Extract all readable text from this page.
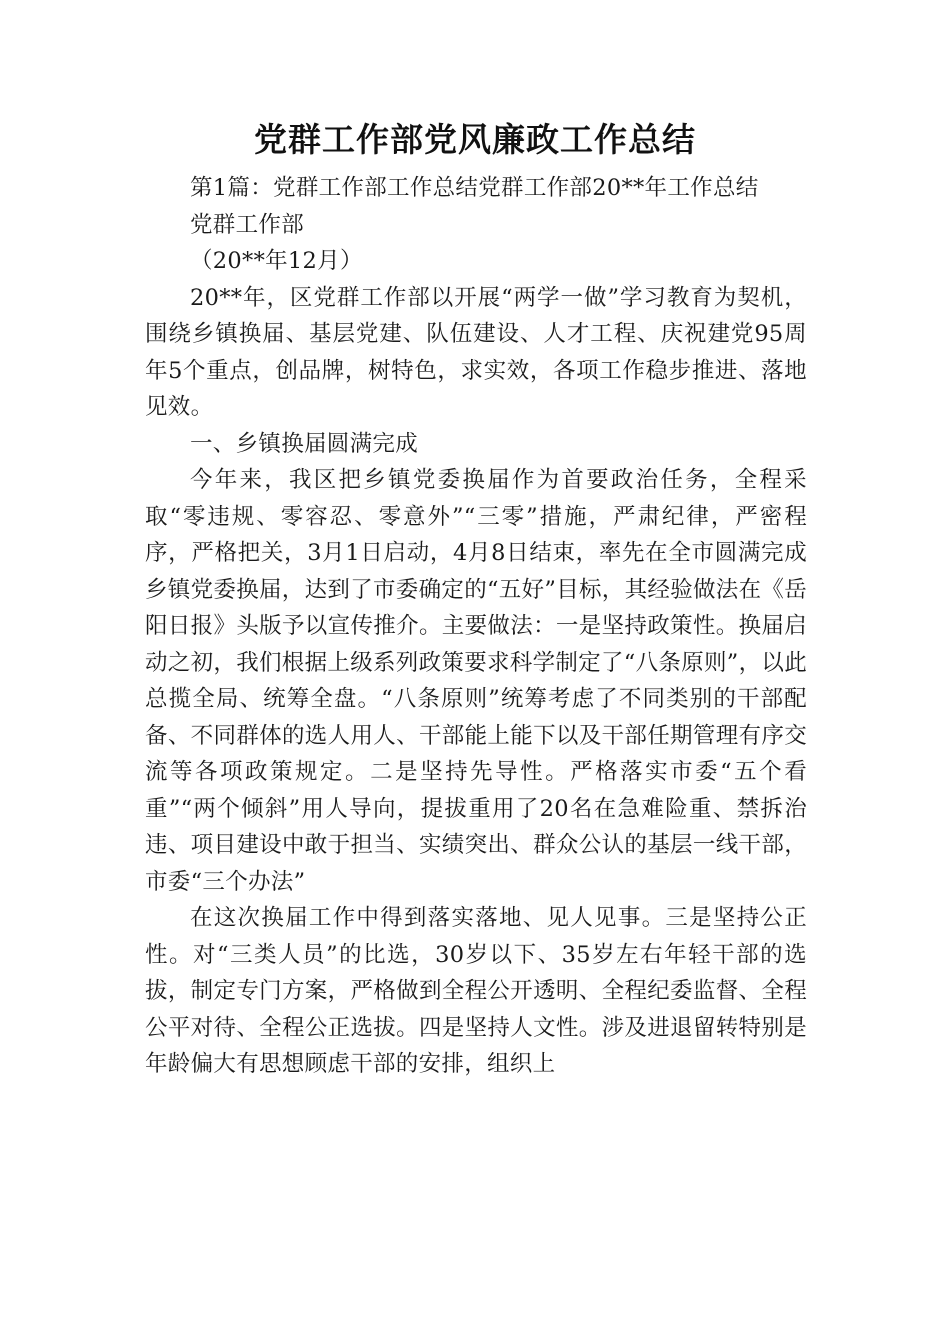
党群工作部党风廉政工作总结

第1篇：党群工作部工作总结党群工作部20**年工作总结

党群工作部

（20**年12月）

20**年，区党群工作部以开展“两学一做”学习教育为契机，围绕乡镇换届、基层党建、队伍建设、人才工程、庆祝建党95周年5个重点，创品牌，树特色，求实效，各项工作稳步推进、落地见效。

一、乡镇换届圆满完成

今年来，我区把乡镇党委换届作为首要政治任务，全程采取“零违规、零容忍、零意外”“三零”措施，严肃纪律，严密程序，严格把关，3月1日启动，4月8日结束，率先在全市圆满完成乡镇党委换届，达到了市委确定的“五好”目标，其经验做法在《岳阳日报》头版予以宣传推介。主要做法：一是坚持政策性。换届启动之初，我们根据上级系列政策要求科学制定了“八条原则”，以此总揽全局、统筹全盘。“八条原则”统筹考虑了不同类别的干部配备、不同群体的选人用人、干部能上能下以及干部任期管理有序交流等各项政策规定。二是坚持先导性。严格落实市委“五个看重”“两个倾斜”用人导向，提拔重用了20名在急难险重、禁拆治违、项目建设中敢于担当、实绩突出、群众公认的基层一线干部，市委“三个办法”

在这次换届工作中得到落实落地、见人见事。三是坚持公正性。对“三类人员”的比选，30岁以下、35岁左右年轻干部的选拔，制定专门方案，严格做到全程公开透明、全程纪委监督、全程公平对待、全程公正选拔。四是坚持人文性。涉及进退留转特别是年龄偏大有思想顾虑干部的安排，组织上
